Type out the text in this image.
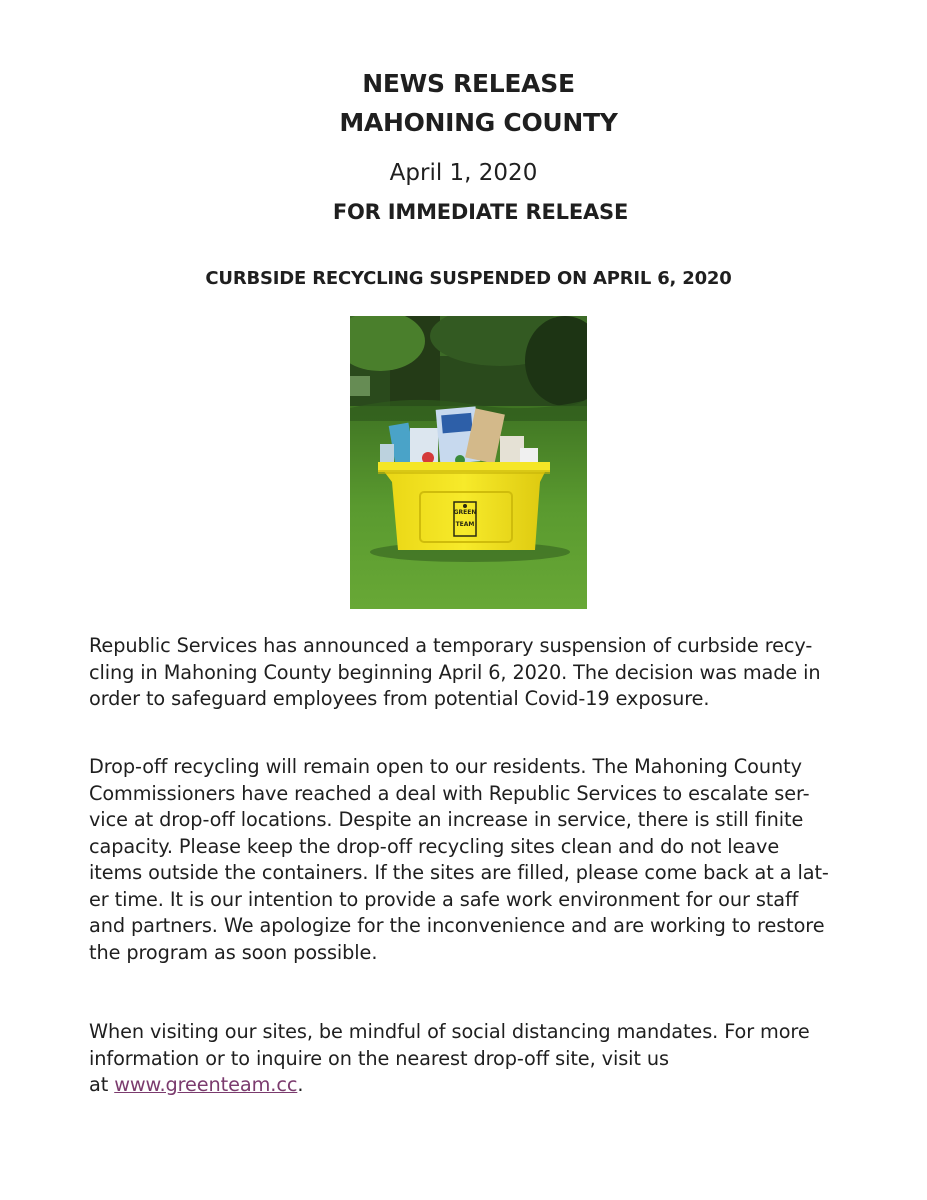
NEWS RELEASE
MAHONING COUNTY
April 1, 2020
FOR IMMEDIATE RELEASE
CURBSIDE RECYCLING SUSPENDED ON APRIL 6, 2020
GREEN
TEAM

Republic Services has announced a temporary suspension of curbside recy-
cling in Mahoning County beginning April 6, 2020. The decision was made in
order to safeguard employees from potential Covid-19 exposure.

Drop-off recycling will remain open to our residents. The Mahoning County
Commissioners have reached a deal with Republic Services to escalate ser-
vice at drop-off locations. Despite an increase in service, there is still finite
capacity. Please keep the drop-off recycling sites clean and do not leave
items outside the containers. If the sites are filled, please come back at a lat-
er time. It is our intention to provide a safe work environment for our staff
and partners. We apologize for the inconvenience and are working to restore
the program as soon possible.

When visiting our sites, be mindful of social distancing mandates. For more
information or to inquire on the nearest drop-off site, visit us
at www.greenteam.cc.
